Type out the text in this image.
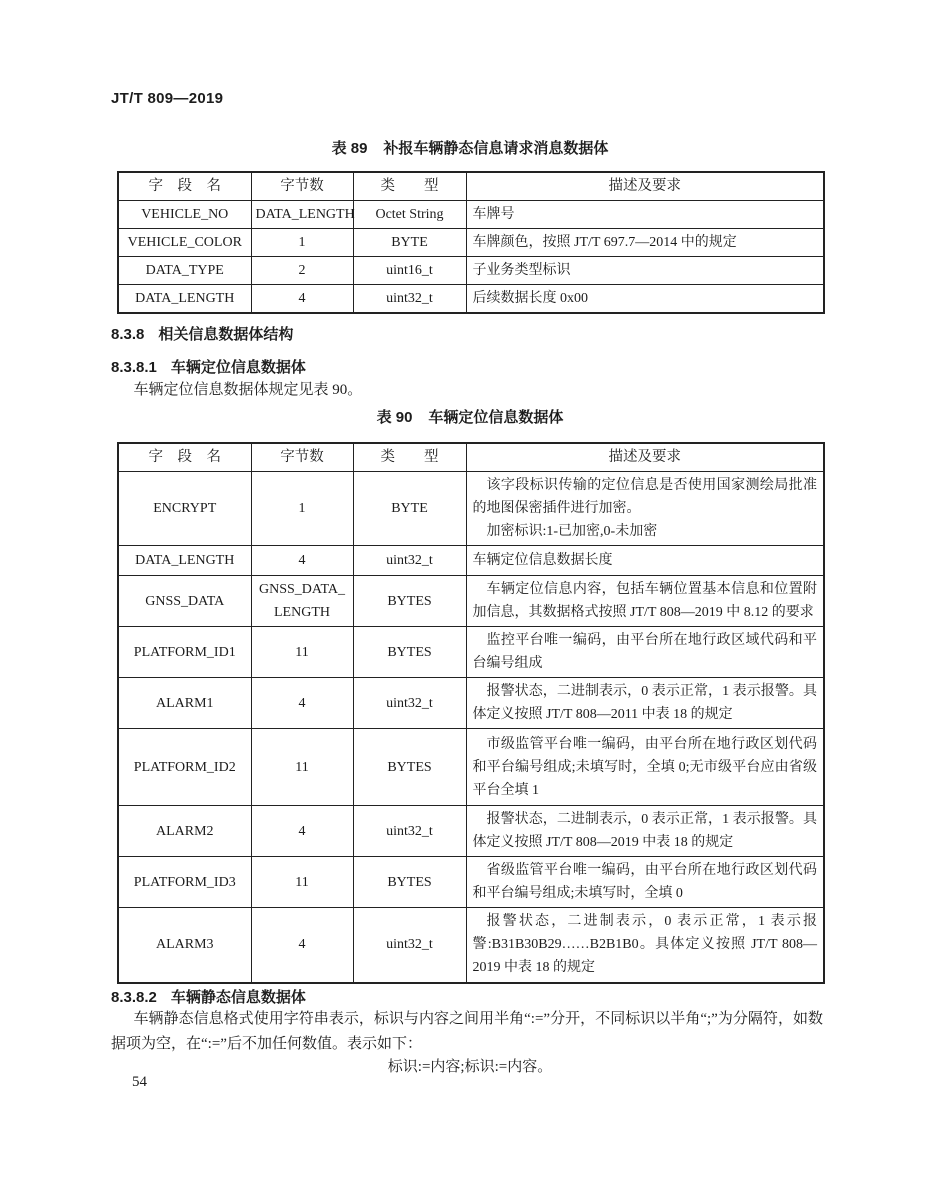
JT/T 809—2019
表 89 补报车辆静态信息请求消息数据体
字　段　名	字节数	类　　型	描述及要求
VEHICLE_NO	DATA_LENGTH	Octet String	车牌号

VEHICLE_COLOR	1	BYTE	车牌颜色，按照 JT/T 697.7—2014 中的规定

DATA_TYPE	2	uint16_t	子业务类型标识

DATA_LENGTH	4	uint32_t	后续数据长度 0x00

8.3.8 相关信息数据体结构
8.3.8.1 车辆定位信息数据体

车辆定位信息数据体规定见表 90。

表 90 车辆定位信息数据体
字　段　名	字节数	类　　型	描述及要求
ENCRYPT	1	BYTE	该字段标识传输的定位信息是否使用国家测绘局批准的地图保密插件进行加密。

加密标识:1-已加密,0-未加密

DATA_LENGTH	4	uint32_t	车辆定位信息数据长度

GNSS_DATA	GNSS_DATA_ LENGTH	BYTES	车辆定位信息内容，包括车辆位置基本信息和位置附加信息，其数据格式按照 JT/T 808—2019 中 8.12 的要求

PLATFORM_ID1	11	BYTES	监控平台唯一编码，由平台所在地行政区域代码和平台编号组成

ALARM1	4	uint32_t	报警状态，二进制表示，0 表示正常，1 表示报警。具体定义按照 JT/T 808—2011 中表 18 的规定

PLATFORM_ID2	11	BYTES	市级监管平台唯一编码，由平台所在地行政区划代码和平台编号组成;未填写时，全填 0;无市级平台应由省级平台全填 1

ALARM2	4	uint32_t	报警状态，二进制表示，0 表示正常，1 表示报警。具体定义按照 JT/T 808—2019 中表 18 的规定

PLATFORM_ID3	11	BYTES	省级监管平台唯一编码，由平台所在地行政区划代码和平台编号组成;未填写时，全填 0

ALARM3	4	uint32_t	报警状态，二进制表示，0 表示正常，1 表示报警:B31B30B29……B2B1B0。具体定义按照 JT/T 808—2019 中表 18 的规定

8.3.8.2 车辆静态信息数据体

车辆静态信息格式使用字符串表示，标识与内容之间用半角“:=”分开，不同标识以半角“;”为分隔符，如数据项为空，在“:=”后不加任何数值。表示如下：

标识:=内容;标识:=内容。

54
